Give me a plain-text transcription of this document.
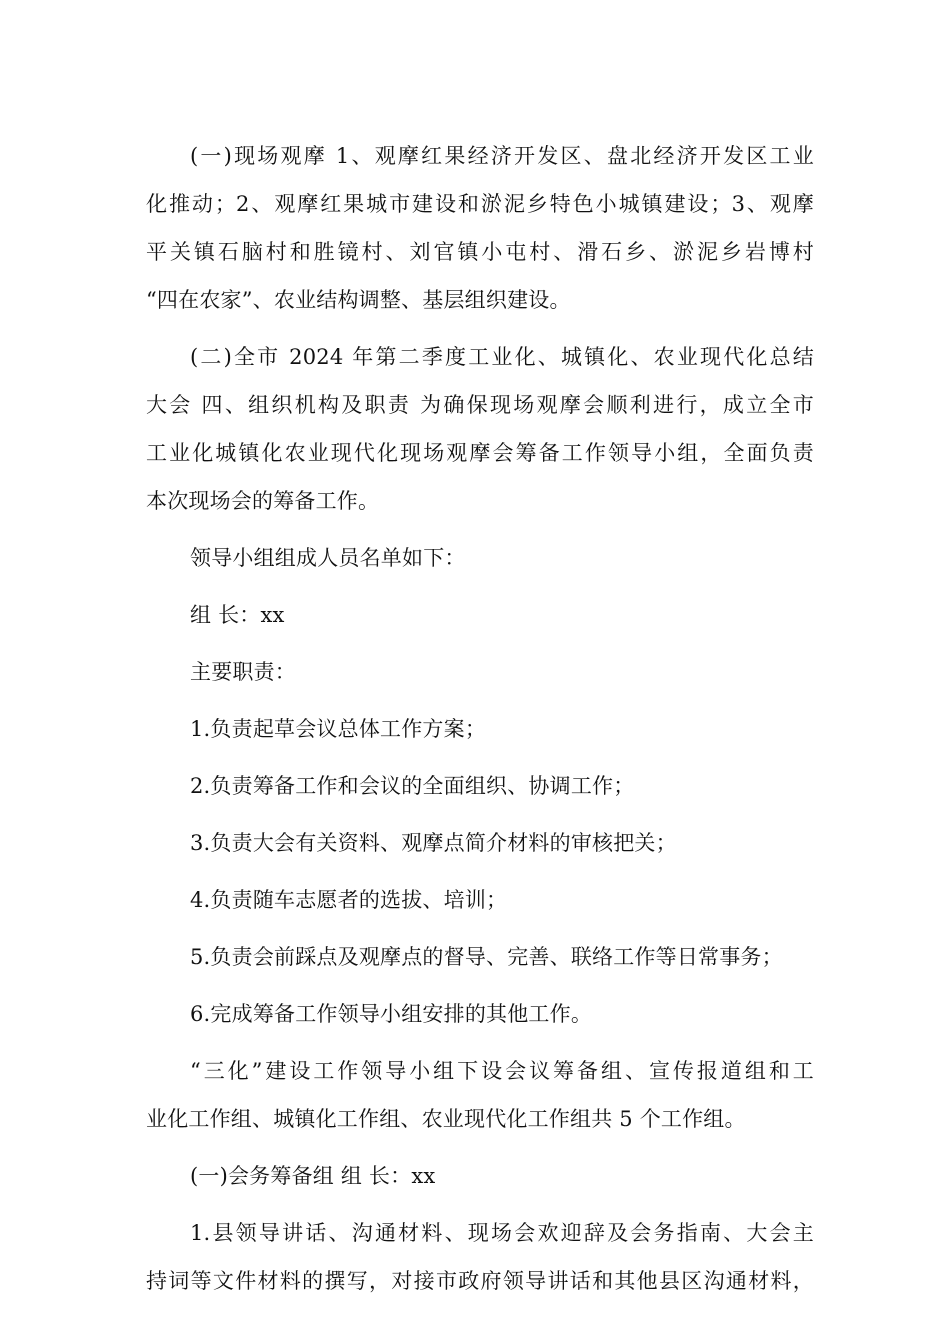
(一)现场观摩 1、观摩红果经济开发区、盘北经济开发区工业
化推动；2、观摩红果城市建设和淤泥乡特色小城镇建设；3、观摩
平关镇石脑村和胜镜村、刘官镇小屯村、滑石乡、淤泥乡岩博村
“四在农家”、农业结构调整、基层组织建设。

(二)全市 2024 年第二季度工业化、城镇化、农业现代化总结
大会 四、组织机构及职责 为确保现场观摩会顺利进行，成立全市
工业化城镇化农业现代化现场观摩会筹备工作领导小组，全面负责
本次现场会的筹备工作。

领导小组组成人员名单如下：

组 长：xx

主要职责：

1.负责起草会议总体工作方案；

2.负责筹备工作和会议的全面组织、协调工作；

3.负责大会有关资料、观摩点简介材料的审核把关；

4.负责随车志愿者的选拔、培训；

5.负责会前踩点及观摩点的督导、完善、联络工作等日常事务；

6.完成筹备工作领导小组安排的其他工作。

“三化”建设工作领导小组下设会议筹备组、宣传报道组和工
业化工作组、城镇化工作组、农业现代化工作组共 5 个工作组。

(一)会务筹备组 组 长：xx

1.县领导讲话、沟通材料、现场会欢迎辞及会务指南、大会主
持词等文件材料的撰写，对接市政府领导讲话和其他县区沟通材料，
